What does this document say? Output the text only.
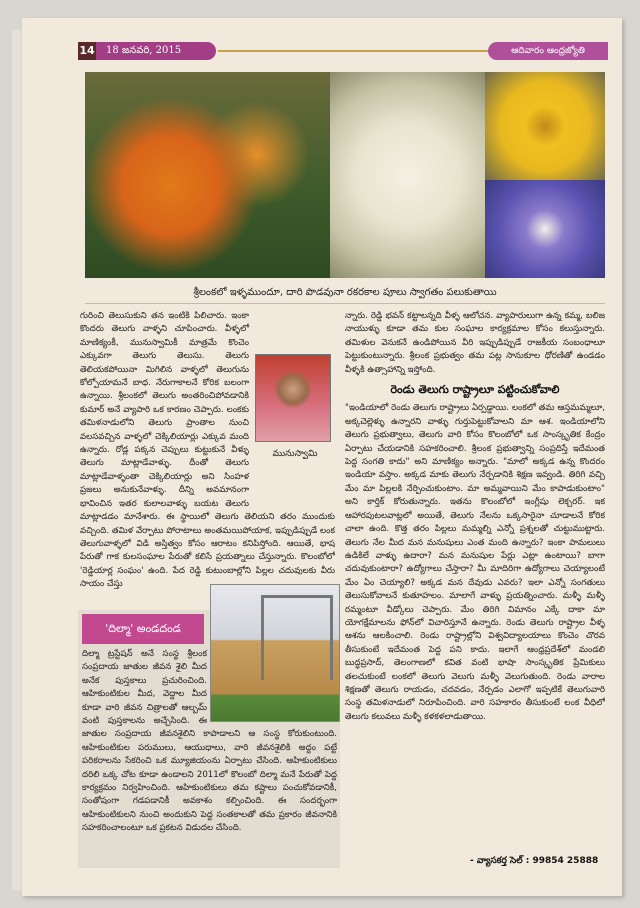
14	18 జనవరి, 2015	ఆదివారం ఆంధ్రజ్యోతి
శ్రీలంకలో ఇళ్ళముందూ, దారి పొడవునా రకరకాల పూలు స్వాగతం పలుకుతాయి
మునుస్వామి
గురించి తెలుసుకుని తన ఇంటికి పిలిచారు. ఇంకా కొందరు తెలుగు వాళ్ళని చూపించారు. వీళ్ళలో మాణిక్యంకీ, మునుస్వామికీ మాత్రమే కొంచెం ఎక్కువగా తెలుగు తెలుసు. తెలుగు తెలియకపోయినా మిగిలిన వాళ్ళలో తెలుగును కోల్పోయామనే బాధ. నేరుగాకాలనే కోరిక బలంగా ఉన్నాయి. శ్రీలంకలో తెలుగు అంతరించిపోవడానికి కుమార్ అనే వ్యాపారి ఒక కారణం చెప్పారు. లంకకు తమిళనాడులోని తెలుగు ప్రాంతాల నుంచి వలసవచ్చిన వాళ్ళలో చెక్కిలియార్లు ఎక్కువ మంది ఉన్నారు. రోడ్ల పక్కన చెప్పులు కుట్టుకునే వీళ్ళు తెలుగు మాట్లాడేవాళ్ళు. దీంతో తెలుగు మాట్లాడేవాళ్ళంతా చెక్కిలియార్లు అని సింహళ ప్రజలు అనుకునేవాళ్ళు. దీన్ని అవమానంగా భావించిన ఇతర కులాలవాళ్ళు బయట తెలుగు మాట్లాడడం మానేశారు. ఈ స్థాయిలో తెలుగు తెలియని తరం ముందుకు వచ్చింది. తమిళ వేర్పాటు పోరాటాలు అంతమయిపోయాక, ఇప్పుడిప్పుడే లంక తెలుగువాళ్ళలో విడి అస్తిత్వం కోసం ఆరాటం కనిపిస్తోంది. ఆయితే, భాష పేరుతో గాక కులసంఘాల పేరుతో కలిసే ప్రయత్నాలు చేస్తున్నారు. కొలంబోలో 'రెడ్డియార్ల సంఘం' ఉంది. పేద రెడ్డి కుటుంబాల్లోని పిల్లల చదువులకు వీరు సాయం చేస్తు

న్నారు. రెడ్డి భవన్ కట్టాలన్నది వీళ్ళ ఆలోచన. వ్యాపారులుగా ఉన్న కమ్మ, బలిజ నాయుళ్ళు కూడా తమ కుల సంఘాల కార్యక్రమాల కోసం కలుస్తున్నారు. తమిళుల వెనుకనే ఉండిపోయిన వీరి ఇప్పుడిప్పుడే రాజకీయ సంబంధాలూ పెట్టుకుంటున్నారు. శ్రీలంక ప్రభుత్వం తమ పట్ల సానుకూల ధోరణితో ఉండడం వీళ్ళకి ఉత్సాహాన్ని ఇస్తోంది.

రెండు తెలుగు రాష్ట్రాలూ పట్టించుకోవాలి

"ఇండియాలో రెండు తెలుగు రాష్ట్రాలు ఏర్పడ్డాయి. లంకలో తమ ఆస్తమమ్మలూ, అక్కచెల్లెళ్ళు ఉన్నారని వాళ్ళు గుర్తుపెట్టుకోవాలని మా ఆశ. ఇండియాలోని తెలుగు ప్రభుత్వాలు, తెలుగు వారి కోసం కొలంబోలో ఒక సాంస్కృతిక కేంద్రం ఏర్పాటు చేయడానికి సహకరించాలి. శ్రీలంక ప్రభుత్వాన్ని సంప్రదిస్తే ఇదేమంత పెద్ద సంగతి కాదు" అని మాణిక్యం అన్నారు. "మాలో అక్కడ ఉన్న కొందరం ఇండియా వస్తాం. అక్కడ మాకు తెలుగు నేర్పడానికి శిక్షణ ఇవ్వండి. తిరిగి వచ్చి మేం మా పిల్లలకి నేర్పించుకుంటాం. మా అమ్మవాయిని మేం కాపాడుకుంటాం" అని కార్తిక్ కోరుతున్నారు. ఇతను కొలంబోలో ఇంగ్లీషు లెక్చరర్. ఇక ఆహారపుటలవాట్లలో అయితే, తెలుగు నేలను ఒక్కసారైనా చూడాలనే కోరిక చాలా ఉంది. కొత్త తరం పిల్లలు మమ్మల్ని ఎన్నో ప్రశ్నలతో చుట్టుముట్టారు. తెలుగు నేల మీద మన మనుషులు ఎంత మంది ఉన్నారు? ఇంకా పామలులు ఉడికిలే వాళ్ళు ఉదారా? మన మనుషుల పేర్లు ఎట్లా ఉంటాయి? బాగా చదువుకుంటారా? ఉద్యోగాలు చేస్తారా? మీ మాదిరిగా ఉద్యోగాలు చెయ్యాలంటే మేం ఏం చెయ్యాలి? అక్కడ మన దేవుడు ఎవరు? ఇలా ఎన్నో సంగతులు తెలుసుకోవాలనే కుతూహలం. మాలాగే వాళ్ళు ప్రయత్నించారు. మళ్ళీ మళ్ళీ రమ్మంటూ వీడ్కోలు చెప్పారు. మేం తిరిగి విమానం ఎక్కే దాకా మా యోగక్షేమాలను ఫోన్‌లో విచారిస్తూనే ఉన్నారు. రెండు తెలుగు రాష్ట్రాల వీళ్ళ ఆశను ఆలకించాలి. రెండు రాష్ట్రాల్లోని విశ్వవిద్యాలయాలు కొంచెం చొరవ తీసుకుంటే ఇదేమంత పెద్ద పని కాదు. ఇలాగే ఆంధ్రప్రదేశ్‌లో మండలి బుద్ధప్రసాద్, తెలంగాణలో కవిత వంటి భాషా సాంస్కృతిక ప్రేమికులు తలచుకుంటే లంకలో తెలుగు వెలుగు మళ్ళీ వెలుగుతుంది. రెండు వారాల శిక్షణతో తెలుగు రాయడం, చదవడం, నేర్పడం ఎలాగో ఇప్పటికే తెలుగువారి సంస్థ తమిళనాడులో నిరూపించింది. వారి సహకారం తీసుకుంటే లంక వీధిలో తెలుగు కలువలు మళ్ళీ కళకళలాడుతాయి.

దిల్మా ట్రస్టేషన్ అనే సంస్థ శ్రీలంక సంప్రదాయ జాతుల జీవన శైలి మీద అనేక పుస్తకాలు ప్రచురించింది. ఆహికుంటికుల మీద, వెద్దాల మీద కూడా వారి జీవన చిత్రాలతో ఆల్బమ్ వంటి పుస్తకాలను అచ్చేసింది. ఈ జాతుల సంప్రదాయ జీవనశైలిని కాపాడాలని ఆ సంస్థ కోరుకుంటుంది. ఆహికుంటికుల పరుములు, ఆయుధాలు, వారి జీవనశైలికి అద్దం పట్టే పరికరాలను సేకరించి ఒక మ్యూజియంను ఏర్పాటు చేసింది. ఆహికుంటికులు దరిలి ఒక్క చోట కూడా ఉండాలని 2011లో కొలంబో దిల్మా మనే పేరుతో పెద్ద కార్యక్రమం నిర్వహించింది. ఆహికుంటికులు తమ కష్టాలు పంచుకోవడానికీ, సంతోషంగా గడపడానికీ అవకాశం కల్పించింది. ఈ సందర్భంగా ఆహికుంటికులని నుంచి అందుకుని పెద్ద సంతకాలతో తమ ప్రకారం జీవనానికి సహకరించాలంటూ ఒక ప్రకటన విడుదల చేసింది.
'దిల్మా' అండదండ
- వ్యాసకర్త సెల్ : 99854 25888
